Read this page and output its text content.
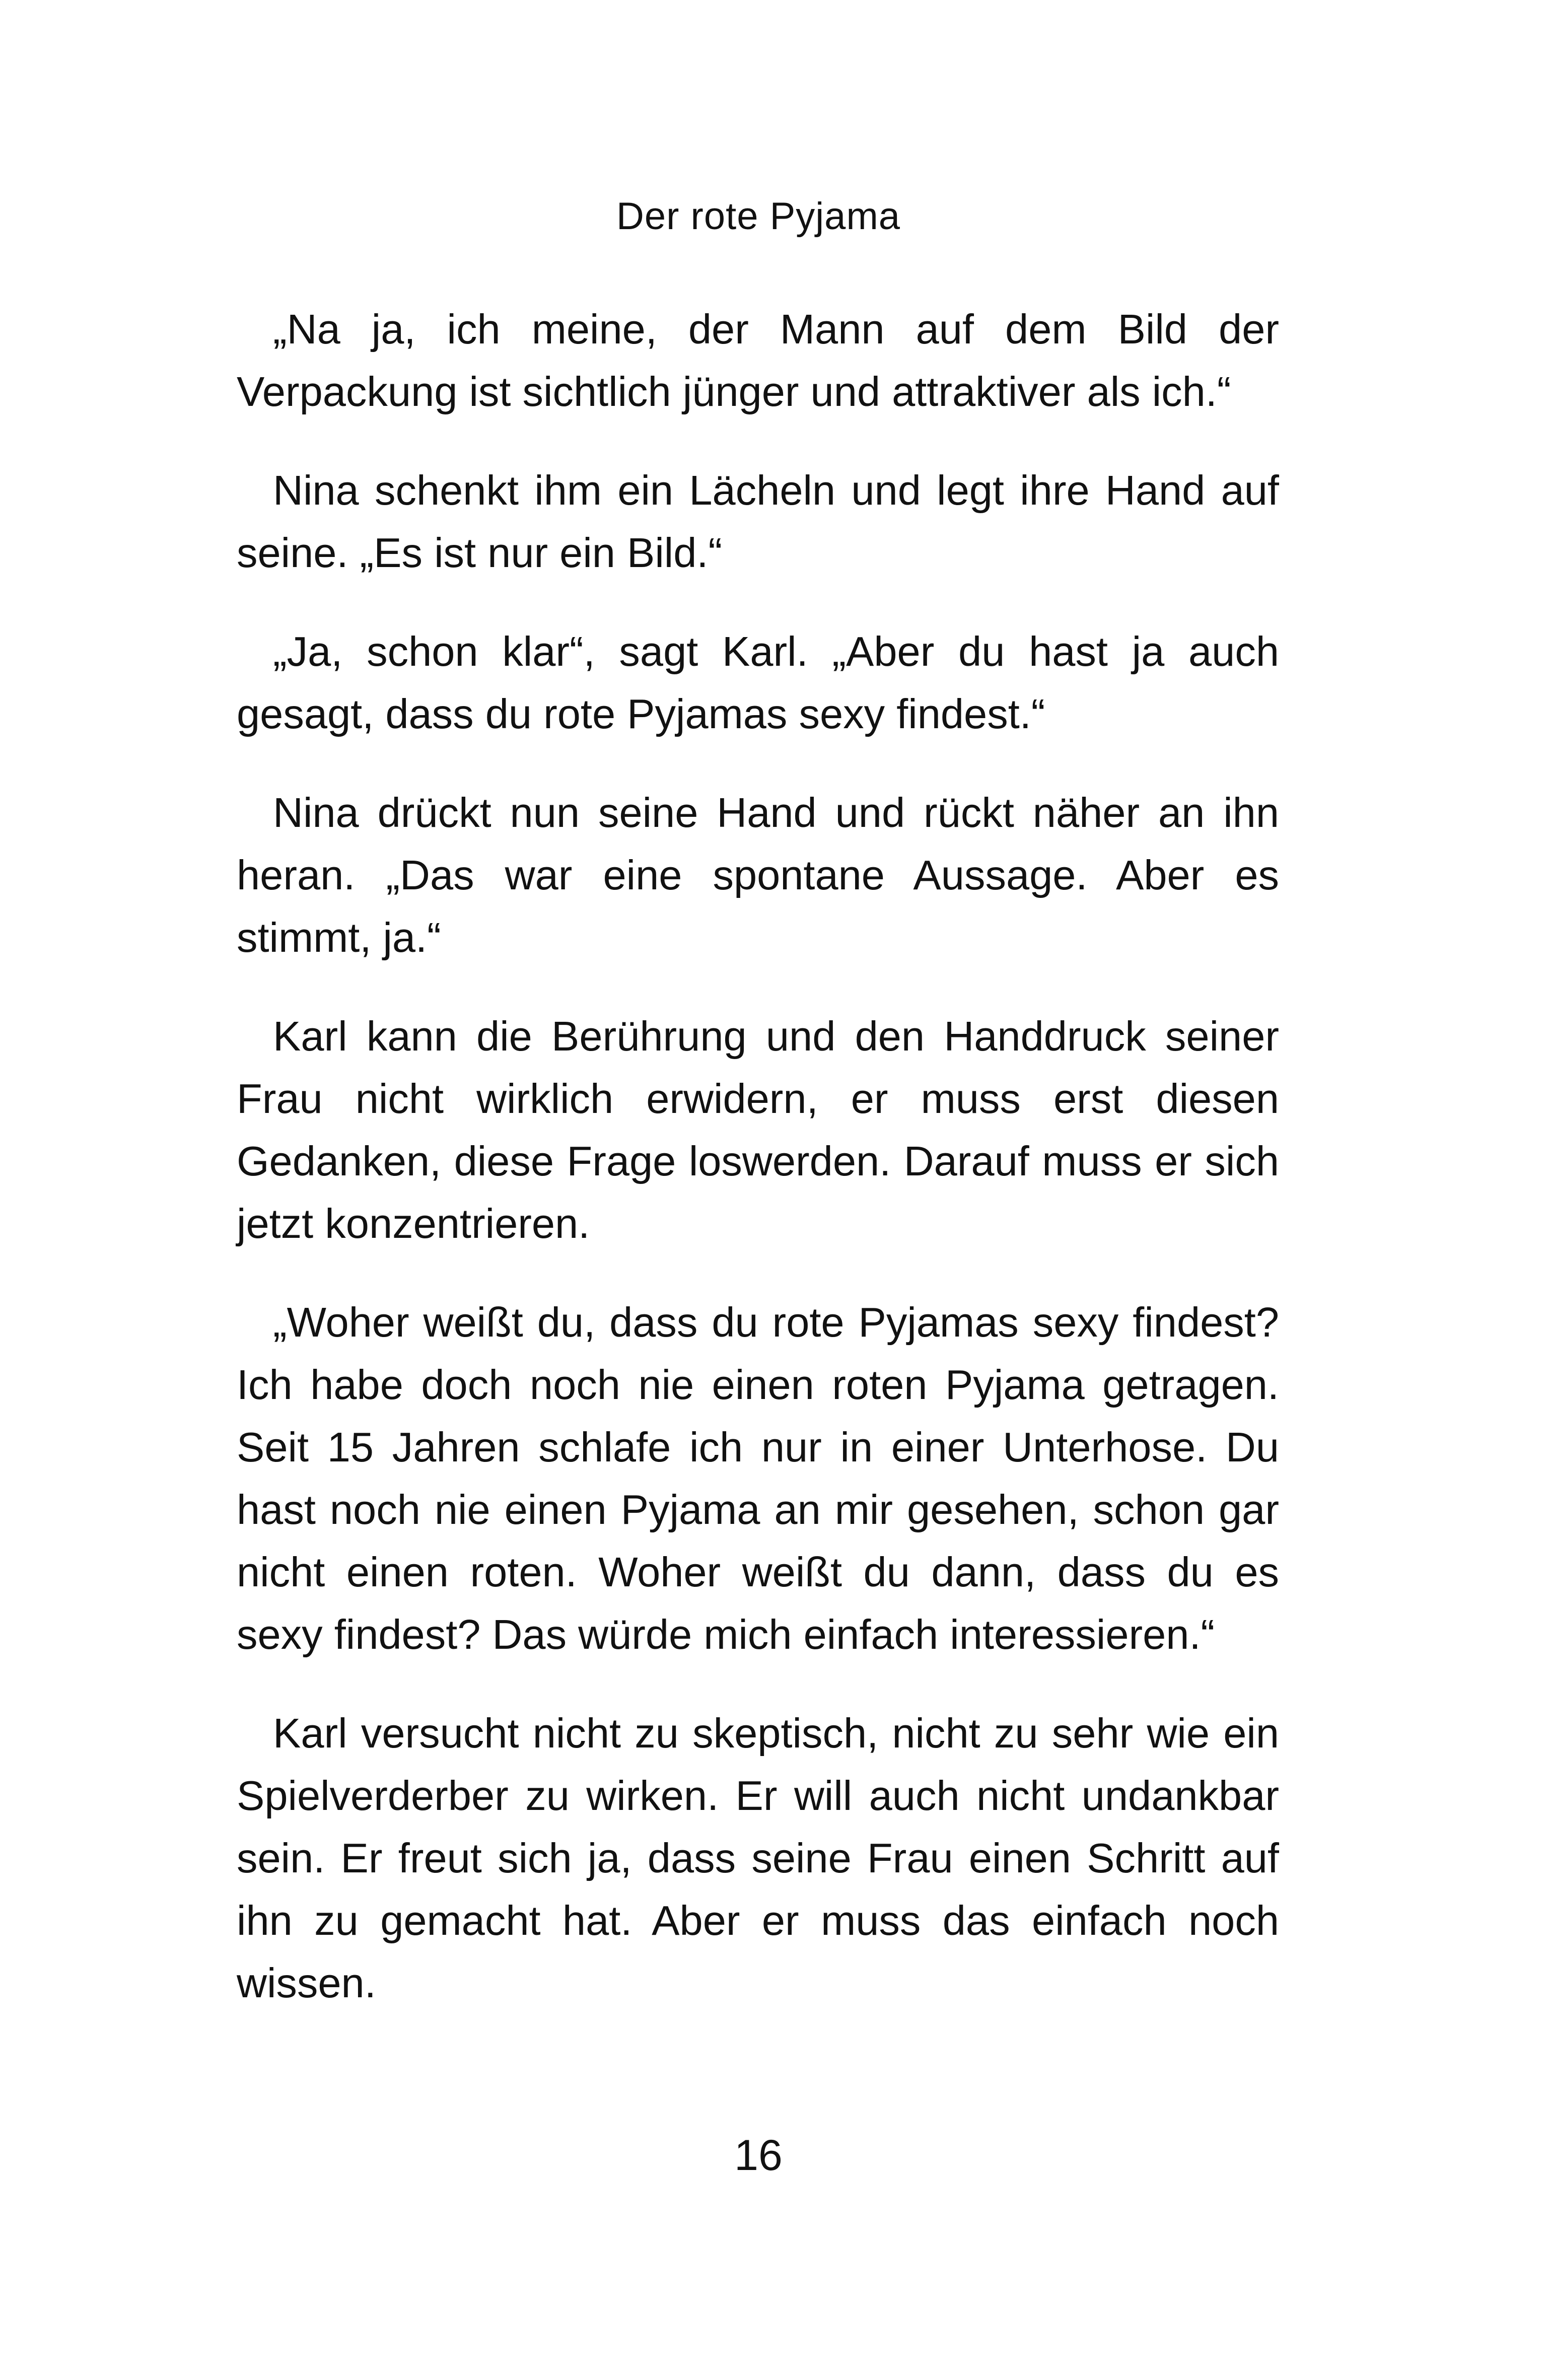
Der rote Pyjama

„Na ja, ich meine, der Mann auf dem Bild der Verpackung ist sichtlich jünger und attraktiver als ich.“

Nina schenkt ihm ein Lächeln und legt ihre Hand auf seine. „Es ist nur ein Bild.“

„Ja, schon klar“, sagt Karl. „Aber du hast ja auch gesagt, dass du rote Pyjamas sexy findest.“

Nina drückt nun seine Hand und rückt näher an ihn heran. „Das war eine spontane Aussage. Aber es stimmt, ja.“

Karl kann die Berührung und den Handdruck seiner Frau nicht wirklich erwidern, er muss erst diesen Gedanken, diese Frage loswerden. Darauf muss er sich jetzt konzentrieren.

„Woher weißt du, dass du rote Pyjamas sexy findest? Ich habe doch noch nie einen roten Pyjama getragen. Seit 15 Jahren schlafe ich nur in einer Unterhose. Du hast noch nie einen Pyjama an mir gesehen, schon gar nicht einen roten. Woher weißt du dann, dass du es sexy findest? Das würde mich einfach interessieren.“

Karl versucht nicht zu skeptisch, nicht zu sehr wie ein Spielverderber zu wirken. Er will auch nicht undankbar sein. Er freut sich ja, dass seine Frau einen Schritt auf ihn zu gemacht hat. Aber er muss das einfach noch wissen.

16
